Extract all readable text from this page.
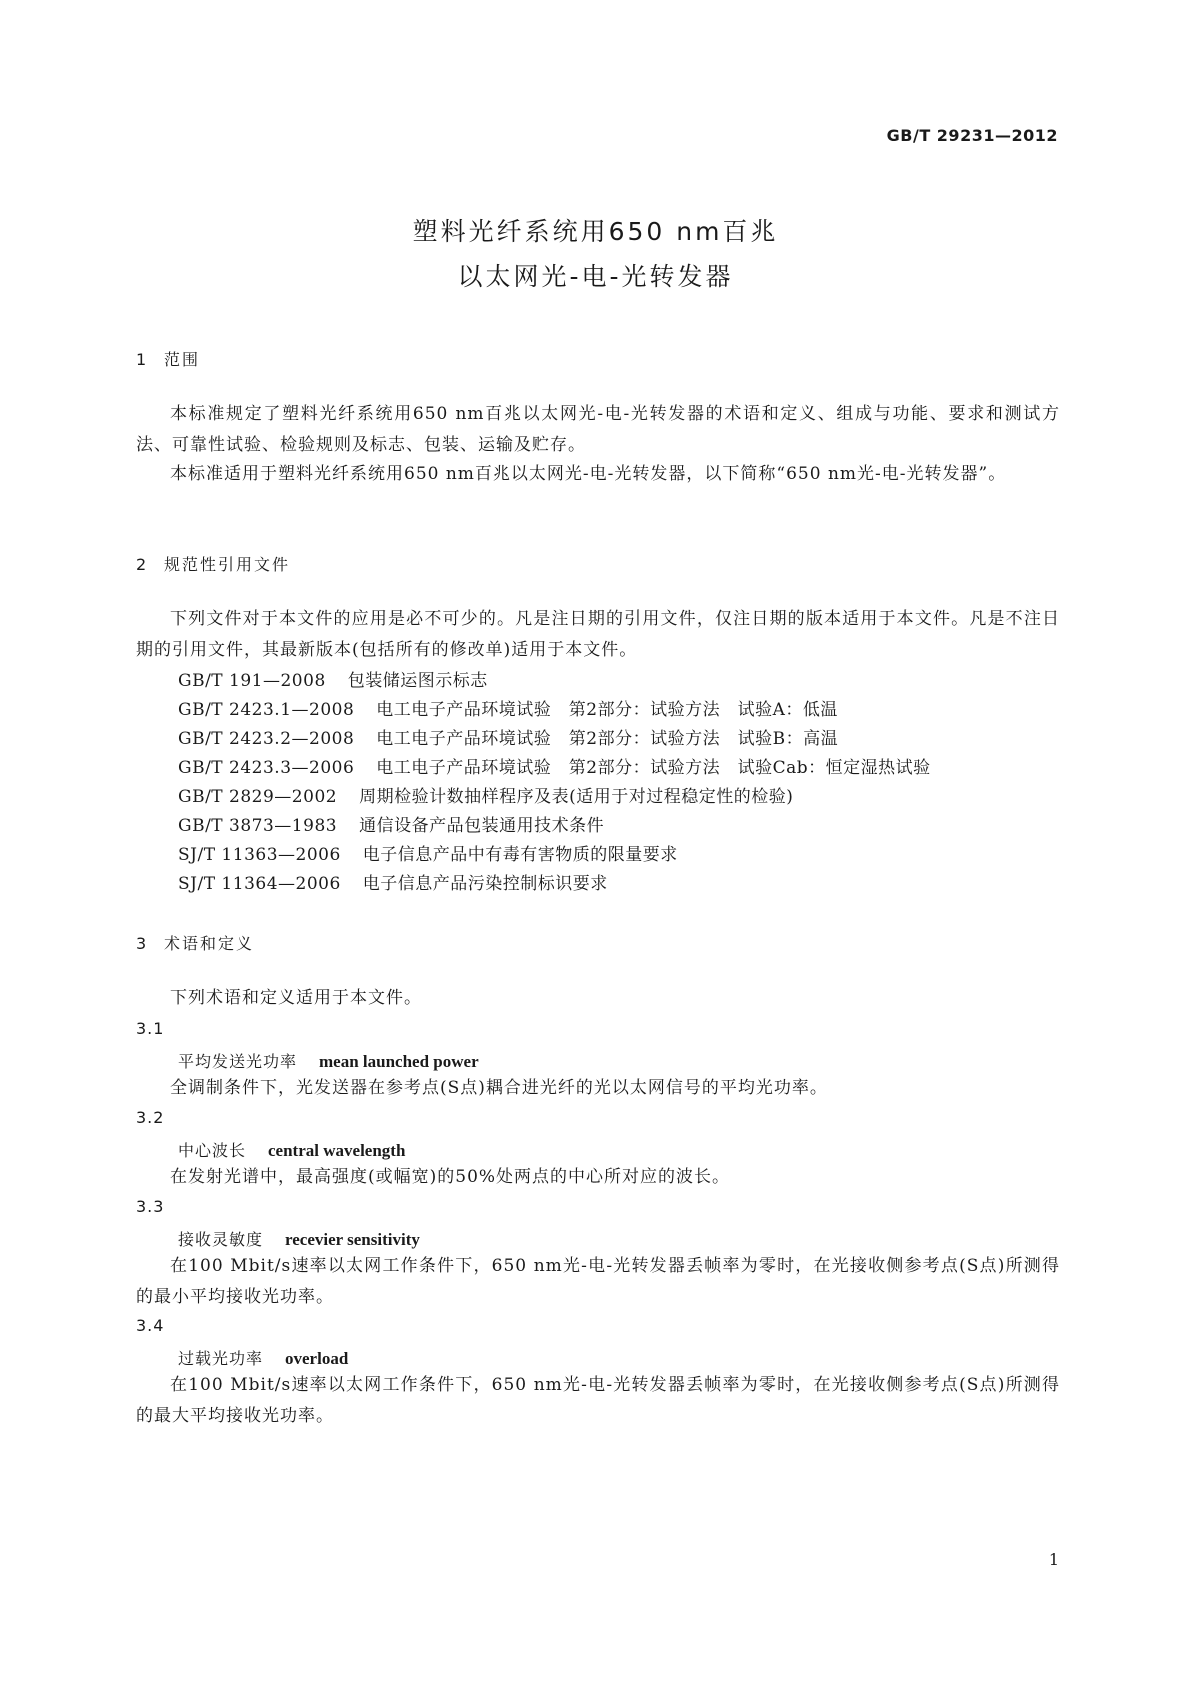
GB/T 29231—2012
塑料光纤系统用650 nm百兆
以太网光-电-光转发器
1 范围
本标准规定了塑料光纤系统用650 nm百兆以太网光-电-光转发器的术语和定义、组成与功能、要求和测试方法、可靠性试验、检验规则及标志、包装、运输及贮存。
本标准适用于塑料光纤系统用650 nm百兆以太网光-电-光转发器，以下简称“650 nm光-电-光转发器”。
2 规范性引用文件
下列文件对于本文件的应用是必不可少的。凡是注日期的引用文件，仅注日期的版本适用于本文件。凡是不注日期的引用文件，其最新版本(包括所有的修改单)适用于本文件。
GB/T 191—2008 包装储运图示标志
GB/T 2423.1—2008 电工电子产品环境试验　第2部分：试验方法　试验A：低温
GB/T 2423.2—2008 电工电子产品环境试验　第2部分：试验方法　试验B：高温
GB/T 2423.3—2006 电工电子产品环境试验　第2部分：试验方法　试验Cab：恒定湿热试验
GB/T 2829—2002 周期检验计数抽样程序及表(适用于对过程稳定性的检验)
GB/T 3873—1983 通信设备产品包装通用技术条件
SJ/T 11363—2006 电子信息产品中有毒有害物质的限量要求
SJ/T 11364—2006 电子信息产品污染控制标识要求
3 术语和定义
下列术语和定义适用于本文件。
3.1
平均发送光功率 mean launched power
全调制条件下，光发送器在参考点(S点)耦合进光纤的光以太网信号的平均光功率。
3.2
中心波长 central wavelength
在发射光谱中，最高强度(或幅宽)的50%处两点的中心所对应的波长。
3.3
接收灵敏度 recevier sensitivity
在100 Mbit/s速率以太网工作条件下，650 nm光-电-光转发器丢帧率为零时，在光接收侧参考点(S点)所测得的最小平均接收光功率。
3.4
过载光功率 overload
在100 Mbit/s速率以太网工作条件下，650 nm光-电-光转发器丢帧率为零时，在光接收侧参考点(S点)所测得的最大平均接收光功率。
1
